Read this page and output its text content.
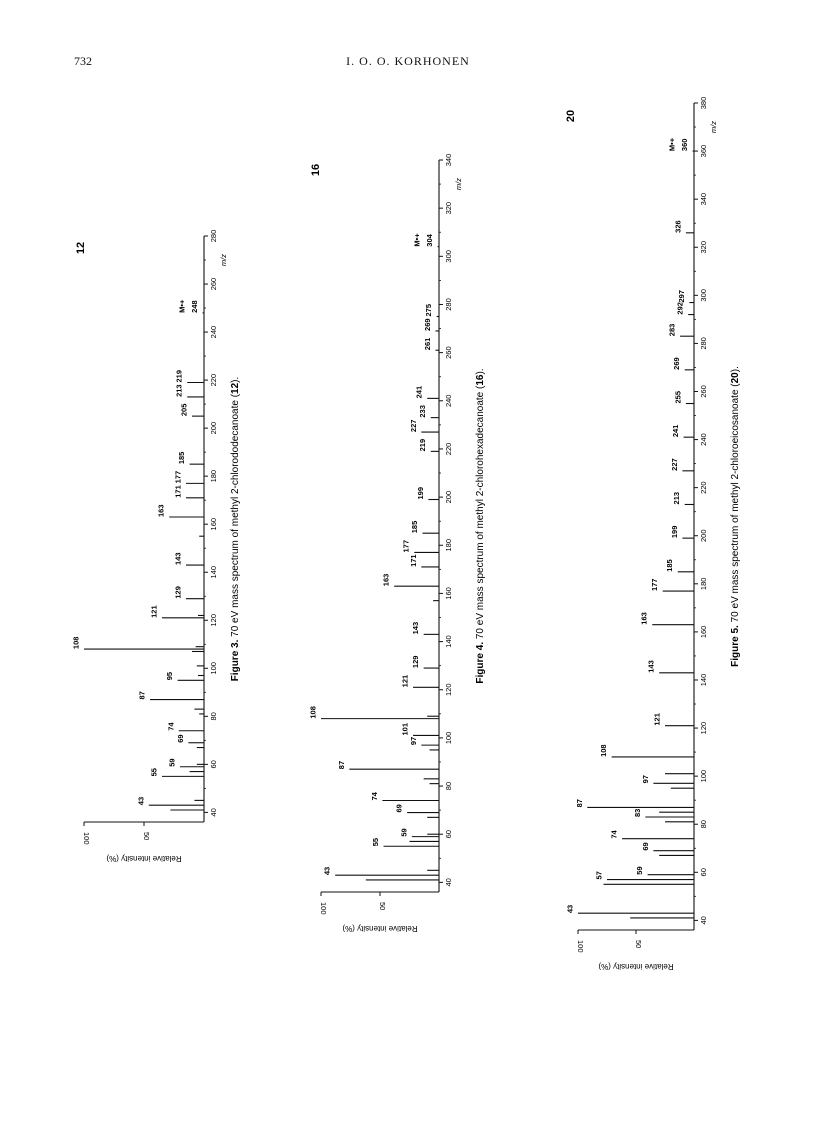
732	I. O. O. KORHONEN
40
60
80
100
120
140
160
180
200
220
240
260
280
50
100
Relative intensity (%)
m/z
43
55
59
69
74
87
95
108
121
129
143
163
171
177
185
205
213
219
248
M•+
12
Figure 3. 70 eV mass spectrum of methyl 2-chlorododecanoate (12).
40
60
80
100
120
140
160
180
200
220
240
260
280
300
320
340
50
100
Relative intensity (%)
m/z
43
55
59
69
74
87
97
101
108
121
129
143
163
171
177
185
199
219
227
233
241
261
269
275
304
M•+
16
Figure 4. 70 eV mass spectrum of methyl 2-chlorohexadecanoate (16).
40
60
80
100
120
140
160
180
200
220
240
260
280
300
320
340
360
380
50
100
Relative intensity (%)
m/z
43
57
59
69
74
83
87
97
108
121
143
163
177
185
199
213
227
241
255
269
283
292
297
326
360
M•+
20
Figure 5. 70 eV mass spectrum of methyl 2-chloroeicosanoate (20).
